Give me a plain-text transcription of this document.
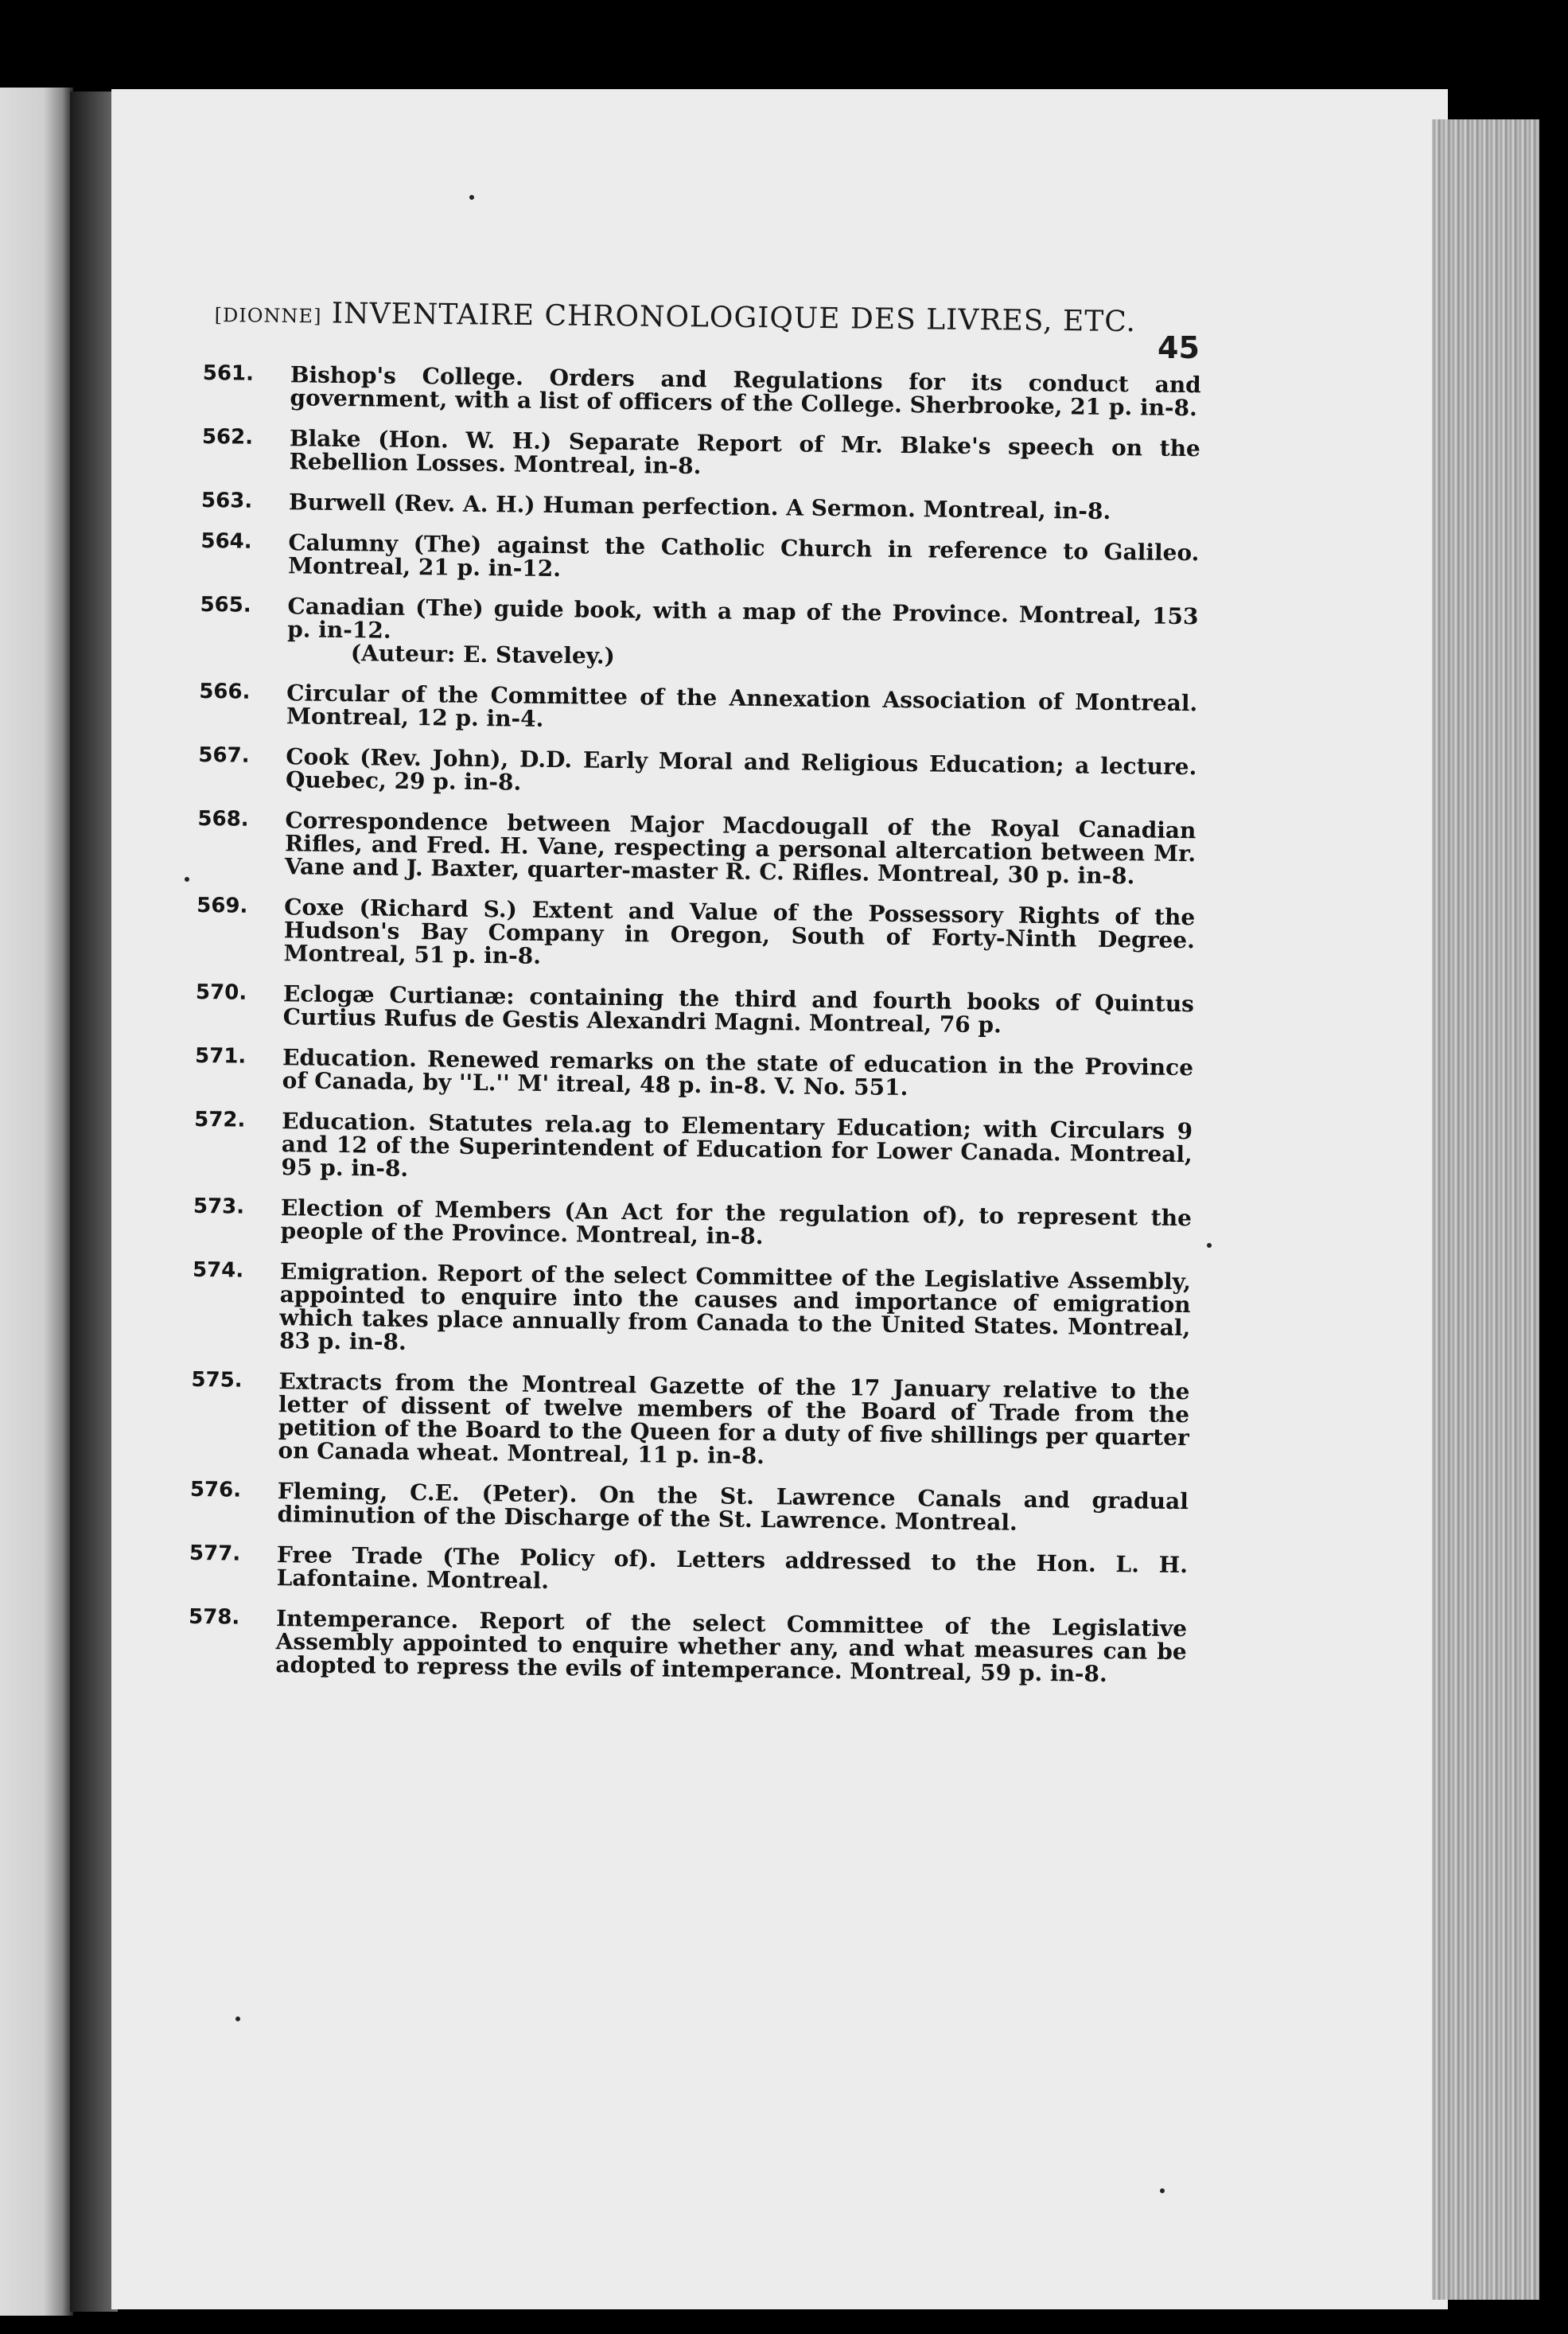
[DIONNE] INVENTAIRE CHRONOLOGIQUE DES LIVRES, ETC.
45
561. Bishop's College. Orders and Regulations for its conduct and government, with a list of officers of the College. Sherbrooke, 21 p. in-8.
562. Blake (Hon. W. H.) Separate Report of Mr. Blake's speech on the Rebellion Losses. Montreal, in-8.
563. Burwell (Rev. A. H.) Human perfection. A Sermon. Montreal, in-8.
564. Calumny (The) against the Catholic Church in reference to Galileo. Montreal, 21 p. in-12.
565. Canadian (The) guide book, with a map of the Province. Montreal, 153 p. in-12.
(Auteur: E. Staveley.)
566. Circular of the Committee of the Annexation Association of Montreal. Montreal, 12 p. in-4.
567. Cook (Rev. John), D.D. Early Moral and Religious Education; a lecture. Quebec, 29 p. in-8.
568. Correspondence between Major Macdougall of the Royal Canadian Rifles, and Fred. H. Vane, respecting a personal altercation between Mr. Vane and J. Baxter, quarter-master R. C. Rifles. Montreal, 30 p. in-8.
569. Coxe (Richard S.) Extent and Value of the Possessory Rights of the Hudson's Bay Company in Oregon, South of Forty-Ninth Degree. Montreal, 51 p. in-8.
570. Eclogæ Curtianæ: containing the third and fourth books of Quintus Curtius Rufus de Gestis Alexandri Magni. Montreal, 76 p.
571. Education. Renewed remarks on the state of education in the Province of Canada, by ''L.'' M' itreal, 48 p. in-8. V. No. 551.
572. Education. Statutes rela.ag to Elementary Education; with Circulars 9 and 12 of the Superintendent of Education for Lower Canada. Montreal, 95 p. in-8.
573. Election of Members (An Act for the regulation of), to represent the people of the Province. Montreal, in-8.
574. Emigration. Report of the select Committee of the Legislative Assembly, appointed to enquire into the causes and importance of emigration which takes place annually from Canada to the United States. Montreal, 83 p. in-8.
575. Extracts from the Montreal Gazette of the 17 January relative to the letter of dissent of twelve members of the Board of Trade from the petition of the Board to the Queen for a duty of five shillings per quarter on Canada wheat. Montreal, 11 p. in-8.
576. Fleming, C.E. (Peter). On the St. Lawrence Canals and gradual diminution of the Discharge of the St. Lawrence. Montreal.
577. Free Trade (The Policy of). Letters addressed to the Hon. L. H. Lafontaine. Montreal.
578. Intemperance. Report of the select Committee of the Legislative Assembly appointed to enquire whether any, and what measures can be adopted to repress the evils of intemperance. Montreal, 59 p. in-8.
